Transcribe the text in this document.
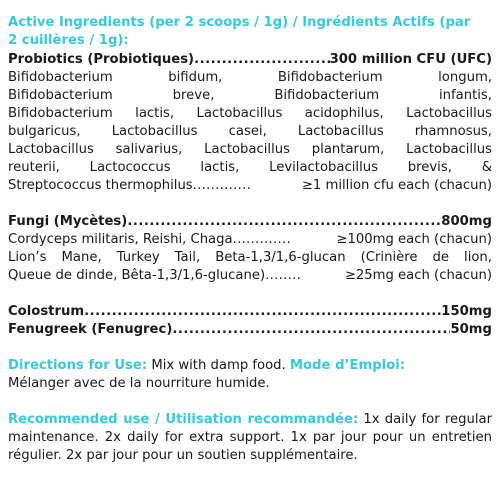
Active Ingredients (per 2 scoops / 1g) / Ingrédients Actifs (par
2 cuillères / 1g):
Probiotics (Probiotiques) .....	300 million CFU (UFC)
Bifidobacterium bifidum, Bifidobacterium longum,
Bifidobacterium breve, Bifidobacterium infantis,
Bifidobacterium lactis, Lactobacillus acidophilus, Lactobacillus
bulgaricus, Lactobacillus casei, Lactobacillus rhamnosus,
Lactobacillus salivarius, Lactobacillus plantarum, Lactobacillus
reuterii, Lactococcus lactis, Levilactobacillus brevis, &
Streptococcus thermophilus .............	≥1 million cfu each (chacun)
Fungi (Mycètes) .....	800mg
Cordyceps militaris, Reishi, Chaga .............	≥100mg each (chacun)
Lion’s Mane, Turkey Tail, Beta-1,3/1,6-glucan (Crinière de lion,
Queue de dinde, Bêta-1,3/1,6-glucane) ........	≥25mg each (chacun)
Colostrum .....	150mg
Fenugreek (Fenugrec) .....	50mg
Directions for Use: Mix with damp food. Mode d’Emploi:
Mélanger avec de la nourriture humide.
Recommended use / Utilisation recommandée: 1x daily for regular maintenance. 2x daily for extra support. 1x par jour pour un entretien régulier. 2x par jour pour un soutien supplémentaire.
